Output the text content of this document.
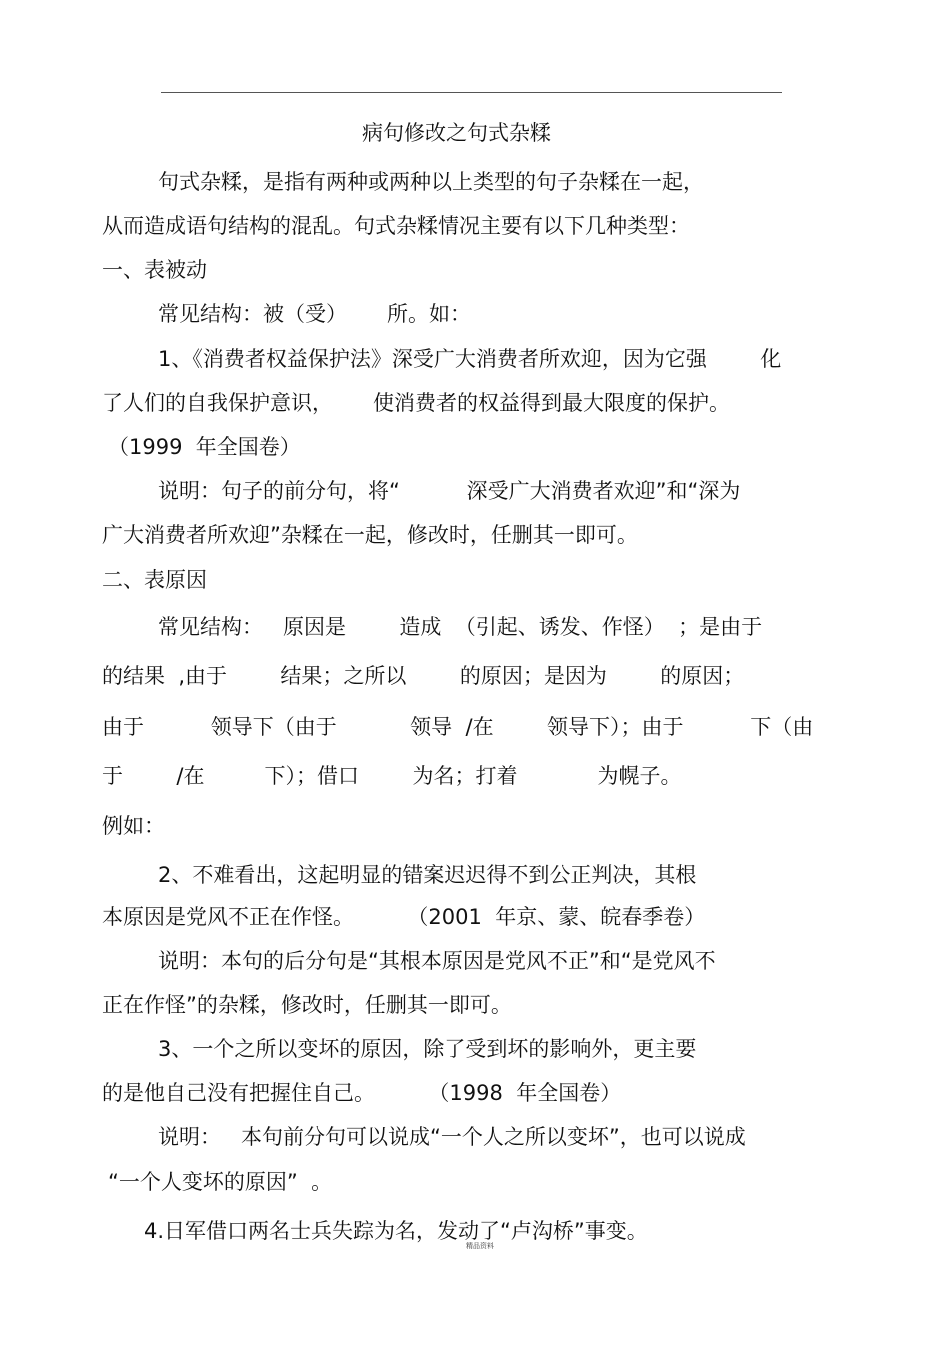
病句修改之句式杂糅
句式杂糅，是指有两种或两种以上类型的句子杂糅在一起，
从而造成语句结构的混乱。句式杂糅情况主要有以下几种类型：
一、表被动
常见结构：被（受）      所。如：
1、《消费者权益保护法》深受广大消费者所欢迎，因为它强        化
了人们的自我保护意识，      使消费者的权益得到最大限度的保护。
（1999  年全国卷）
说明：句子的前分句，将“          深受广大消费者欢迎”和“深为
广大消费者所欢迎”杂糅在一起，修改时，任删其一即可。
二、表原因
常见结构：   原因是        造成  （引起、诱发、作怪）  ；是由于
的结果  ,由于        结果；之所以        的原因；是因为        的原因；
由于          领导下（由于           领导  /在        领导下）；由于          下（由
于        /在         下）；借口        为名；打着            为幌子。
例如：
2、不难看出，这起明显的错案迟迟得不到公正判决，其根
本原因是党风不正在作怪。        （2001  年京、蒙、皖春季卷）
说明：本句的后分句是“其根本原因是党风不正”和“是党风不
正在作怪”的杂糅，修改时，任删其一即可。
3、一个之所以变坏的原因，除了受到坏的影响外，更主要
的是他自己没有把握住自己。        （1998  年全国卷）
说明：   本句前分句可以说成“一个人之所以变坏”，也可以说成
“一个人变坏的原因”  。
4.日军借口两名士兵失踪为名，发动了“卢沟桥”事变。
精品资料
